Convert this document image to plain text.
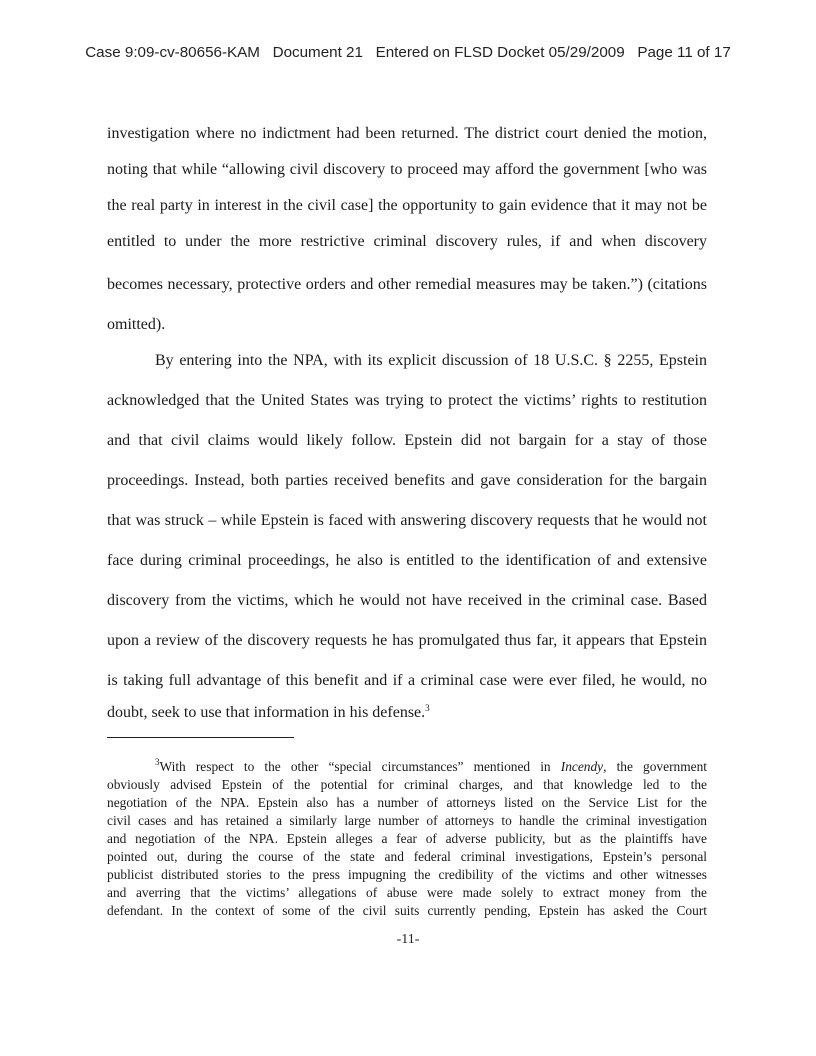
Case 9:09-cv-80656-KAM   Document 21   Entered on FLSD Docket 05/29/2009   Page 11 of 17
investigation where no indictment had been returned. The district court denied the motion,
noting that while “allowing civil discovery to proceed may afford the government [who was
the real party in interest in the civil case] the opportunity to gain evidence that it may not be
entitled to under the more restrictive criminal discovery rules, if and when discovery
becomes necessary, protective orders and other remedial measures may be taken.”) (citations
omitted).
By entering into the NPA, with its explicit discussion of 18 U.S.C. § 2255, Epstein
acknowledged that the United States was trying to protect the victims’ rights to restitution
and that civil claims would likely follow. Epstein did not bargain for a stay of those
proceedings. Instead, both parties received benefits and gave consideration for the bargain
that was struck – while Epstein is faced with answering discovery requests that he would not
face during criminal proceedings, he also is entitled to the identification of and extensive
discovery from the victims, which he would not have received in the criminal case. Based
upon a review of the discovery requests he has promulgated thus far, it appears that Epstein
is taking full advantage of this benefit and if a criminal case were ever filed, he would, no
doubt, seek to use that information in his defense.$^3$
$^3$With respect to the other “special circumstances” mentioned in Incendy, the government
obviously advised Epstein of the potential for criminal charges, and that knowledge led to the
negotiation of the NPA. Epstein also has a number of attorneys listed on the Service List for the
civil cases and has retained a similarly large number of attorneys to handle the criminal investigation
and negotiation of the NPA. Epstein alleges a fear of adverse publicity, but as the plaintiffs have
pointed out, during the course of the state and federal criminal investigations, Epstein’s personal
publicist distributed stories to the press impugning the credibility of the victims and other witnesses
and averring that the victims’ allegations of abuse were made solely to extract money from the
defendant. In the context of some of the civil suits currently pending, Epstein has asked the Court
-11-
